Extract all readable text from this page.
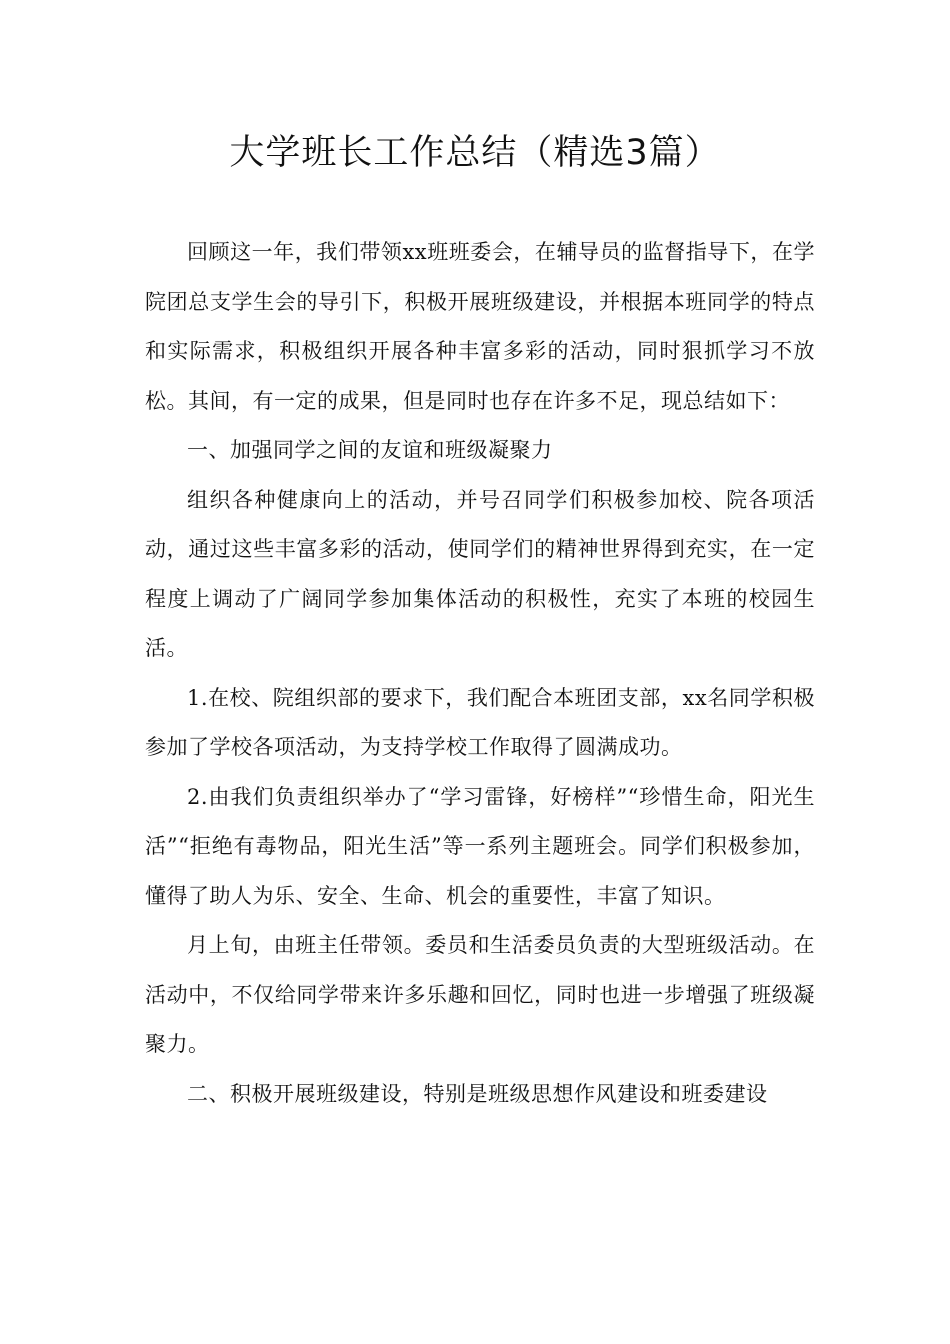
大学班长工作总结（精选3篇）

回顾这一年，我们带领xx班班委会，在辅导员的监督指导下，在学院团总支学生会的导引下，积极开展班级建设，并根据本班同学的特点和实际需求，积极组织开展各种丰富多彩的活动，同时狠抓学习不放松。其间，有一定的成果，但是同时也存在许多不足，现总结如下：

一、加强同学之间的友谊和班级凝聚力

组织各种健康向上的活动，并号召同学们积极参加校、院各项活动，通过这些丰富多彩的活动，使同学们的精神世界得到充实，在一定程度上调动了广阔同学参加集体活动的积极性，充实了本班的校园生活。

1.在校、院组织部的要求下，我们配合本班团支部，xx名同学积极参加了学校各项活动，为支持学校工作取得了圆满成功。

2.由我们负责组织举办了“学习雷锋，好榜样”“珍惜生命，阳光生活”“拒绝有毒物品，阳光生活”等一系列主题班会。同学们积极参加，懂得了助人为乐、安全、生命、机会的重要性，丰富了知识。

月上旬，由班主任带领。委员和生活委员负责的大型班级活动。在活动中，不仅给同学带来许多乐趣和回忆，同时也进一步增强了班级凝聚力。

二、积极开展班级建设，特别是班级思想作风建设和班委建设
